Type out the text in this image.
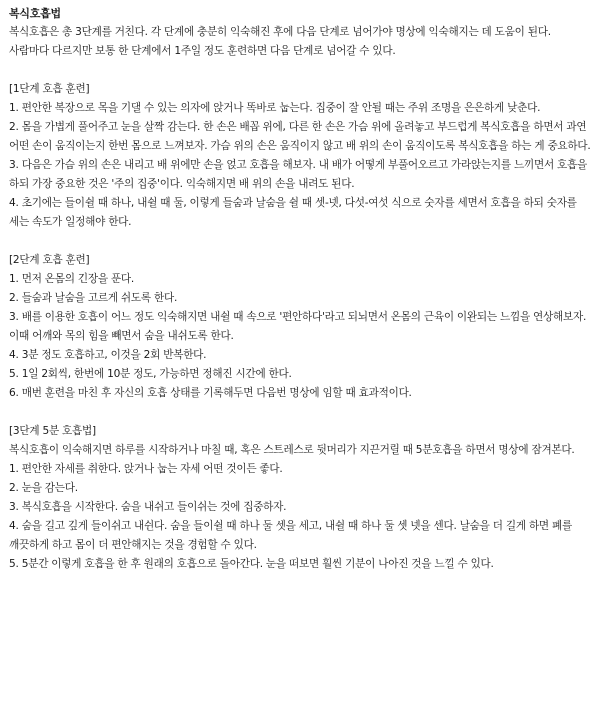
복식호흡법

복식호흡은 총 3단계를 거친다. 각 단계에 충분히 익숙해진 후에 다음 단계로 넘어가야 명상에 익숙해지는 데 도움이 된다. 사람마다 다르지만 보통 한 단계에서 1주일 정도 훈련하면 다음 단계로 넘어갈 수 있다.

[1단계 호흡 훈련]

1. 편안한 복장으로 목을 기댈 수 있는 의자에 앉거나 똑바로 눕는다. 집중이 잘 안될 때는 주위 조명을 은은하게 낮춘다.
2. 몸을 가볍게 풀어주고 눈을 살짝 감는다. 한 손은 배꼽 위에, 다른 한 손은 가슴 위에 올려놓고 부드럽게 복식호흡을 하면서 과연 어떤 손이 움직이는지 한번 몸으로 느껴보자. 가슴 위의 손은 움직이지 않고 배 위의 손이 움직이도록 복식호흡을 하는 게 중요하다.
3. 다음은 가슴 위의 손은 내리고 배 위에만 손을 얹고 호흡을 해보자. 내 배가 어떻게 부풀어오르고 가라앉는지를 느끼면서 호흡을 하되 가장 중요한 것은 '주의 집중'이다. 익숙해지면 배 위의 손을 내려도 된다.
4. 초기에는 들이쉴 때 하나, 내쉴 때 둘, 이렇게 들숨과 날숨을 쉴 때 셋-넷, 다섯-여섯 식으로 숫자를 세면서 호흡을 하되 숫자를 세는 속도가 일정해야 한다.

[2단계 호흡 훈련]

1. 먼저 온몸의 긴장을 푼다.
2. 들숨과 날숨을 고르게 쉬도록 한다.
3. 배를 이용한 호흡이 어느 정도 익숙해지면 내쉴 때 속으로 '편안하다'라고 되뇌면서 온몸의 근육이 이완되는 느낌을 연상해보자. 이때 어깨와 목의 힘을 빼면서 숨을 내쉬도록 한다.
4. 3분 정도 호흡하고, 이것을 2회 반복한다.
5. 1일 2회씩, 한번에 10분 정도, 가능하면 정해진 시간에 한다.
6. 매번 훈련을 마친 후 자신의 호흡 상태를 기록해두면 다음번 명상에 임할 때 효과적이다.

[3단계 5분 호흡법]

복식호흡이 익숙해지면 하루를 시작하거나 마칠 때, 혹은 스트레스로 뒷머리가 지끈거릴 때 5분호흡을 하면서 명상에 잠겨본다.

1. 편안한 자세를 취한다. 앉거나 눕는 자세 어떤 것이든 좋다.
2. 눈을 감는다.
3. 복식호흡을 시작한다. 숨을 내쉬고 들이쉬는 것에 집중하자.
4. 숨을 길고 깊게 들이쉬고 내쉰다. 숨을 들이쉴 때 하나 둘 셋을 세고, 내쉴 때 하나 둘 셋 넷을 센다. 날숨을 더 길게 하면 폐를 깨끗하게 하고 몸이 더 편안해지는 것을 경험할 수 있다.
5. 5분간 이렇게 호흡을 한 후 원래의 호흡으로 돌아간다. 눈을 떠보면 훨씬 기분이 나아진 것을 느낄 수 있다.
